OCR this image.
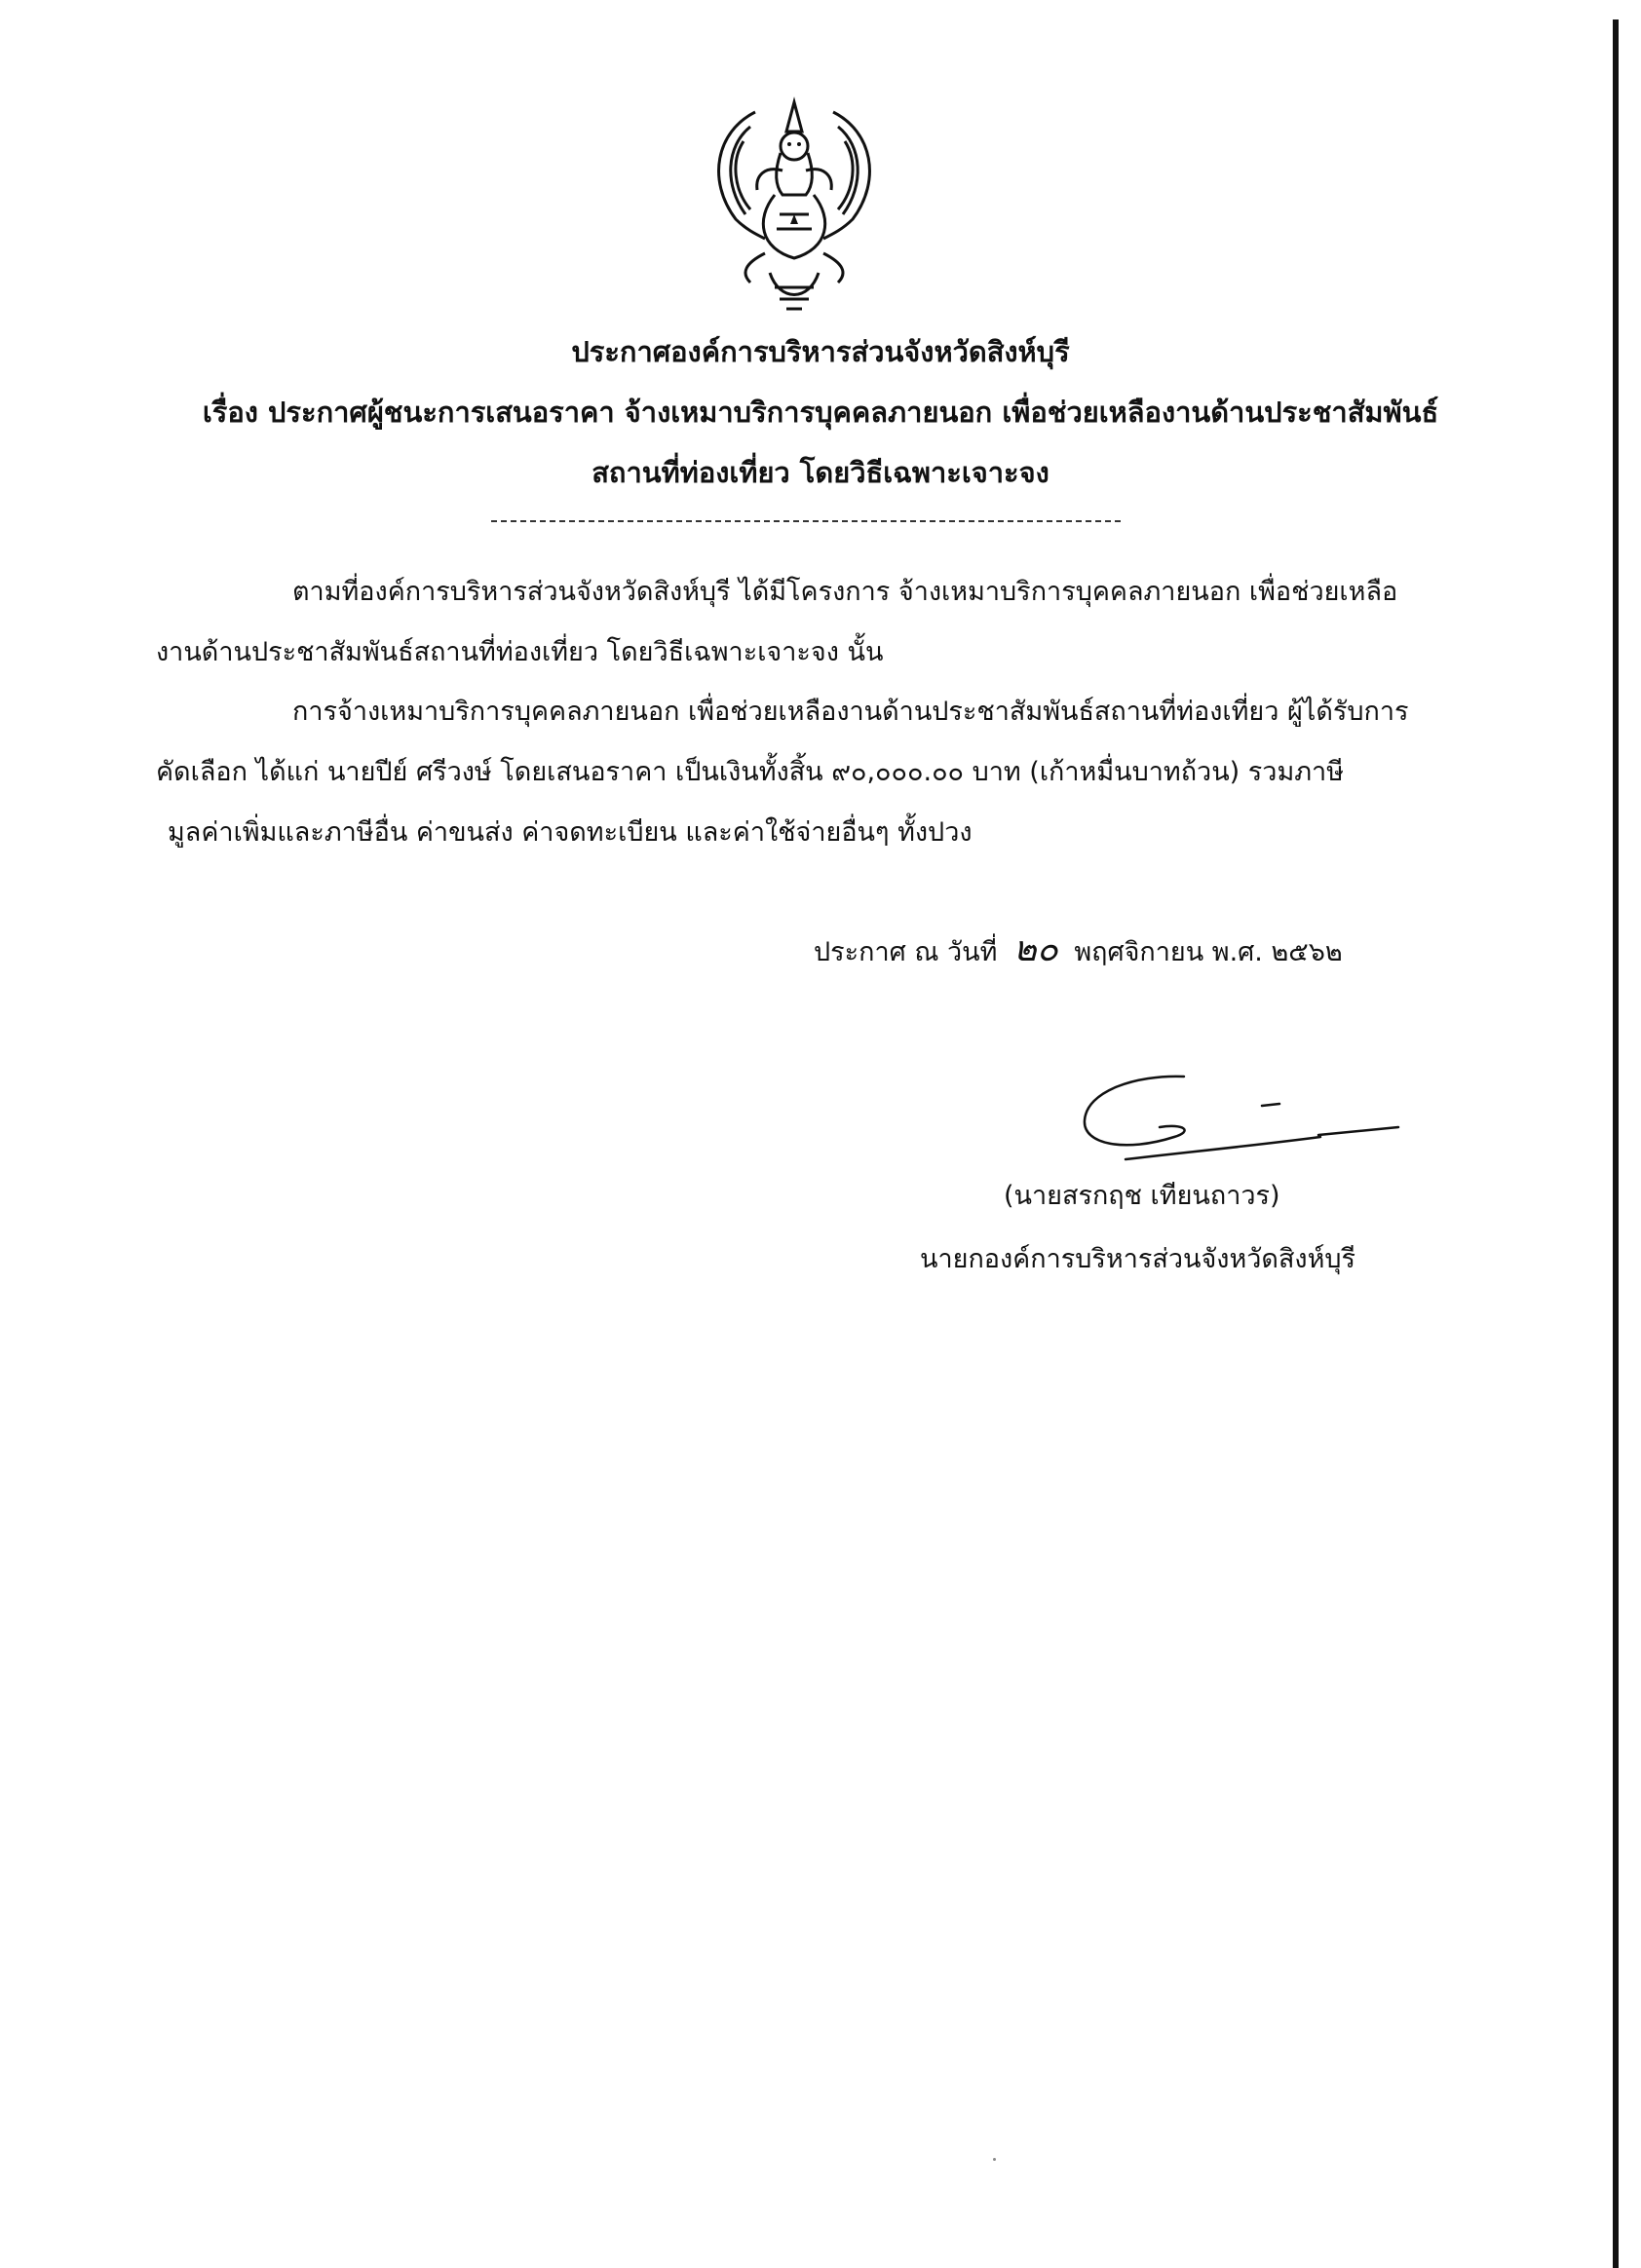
ประกาศองค์การบริหารส่วนจังหวัดสิงห์บุรี
เรื่อง ประกาศผู้ชนะการเสนอราคา จ้างเหมาบริการบุคคลภายนอก เพื่อช่วยเหลืองานด้านประชาสัมพันธ์
สถานที่ท่องเที่ยว โดยวิธีเฉพาะเจาะจง
ตามที่องค์การบริหารส่วนจังหวัดสิงห์บุรี ได้มีโครงการ จ้างเหมาบริการบุคคลภายนอก เพื่อช่วยเหลือ
งานด้านประชาสัมพันธ์สถานที่ท่องเที่ยว โดยวิธีเฉพาะเจาะจง นั้น
การจ้างเหมาบริการบุคคลภายนอก เพื่อช่วยเหลืองานด้านประชาสัมพันธ์สถานที่ท่องเที่ยว ผู้ได้รับการ
คัดเลือก ได้แก่ นายปีย์ ศรีวงษ์ โดยเสนอราคา เป็นเงินทั้งสิ้น ๙๐,๐๐๐.๐๐ บาท (เก้าหมื่นบาทถ้วน) รวมภาษี
มูลค่าเพิ่มและภาษีอื่น ค่าขนส่ง ค่าจดทะเบียน และค่าใช้จ่ายอื่นๆ ทั้งปวง
ประกาศ ณ วันที่ ๒๐ พฤศจิกายน พ.ศ. ๒๕๖๒
(นายสรกฤช เทียนถาวร)
นายกองค์การบริหารส่วนจังหวัดสิงห์บุรี
